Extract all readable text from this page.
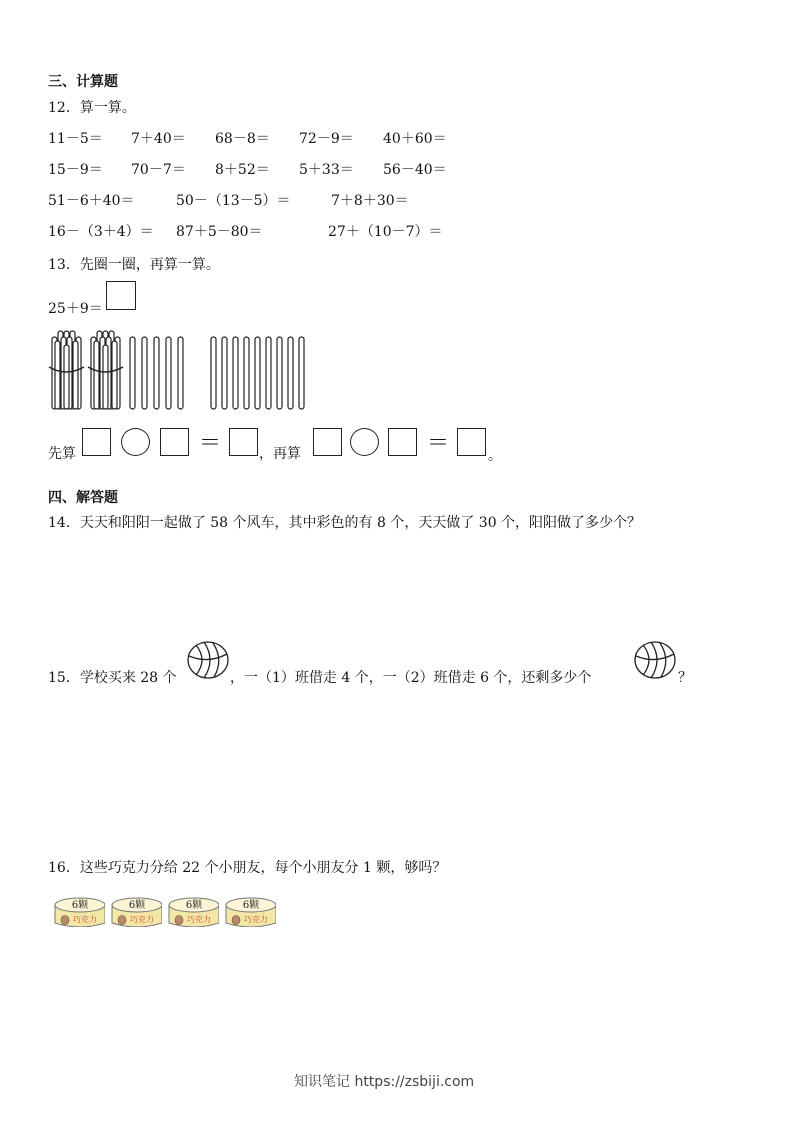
三、计算题
12．算一算。
11－5＝ 7＋40＝ 68－8＝ 72－9＝ 40＋60＝
15－9＝ 70－7＝ 8＋52＝ 5＋33＝ 56－40＝
51－6＋40＝	50－（13－5）＝	7＋8＋30＝
16－（3＋4）＝ 87＋5－80＝	27＋（10－7）＝
13．先圈一圈，再算一算。
25＋9＝
先算	＝	，再算	＝	。
四、解答题
14．天天和阳阳一起做了 58 个风车，其中彩色的有 8 个，天天做了 30 个，阳阳做了多少个？
15．学校买来 28 个	，一（1）班借走 4 个，一（2）班借走 6 个，还剩多少个	？
16．这些巧克力分给 22 个小朋友，每个小朋友分 1 颗，够吗？
6颗
巧克力
6颗
巧克力
6颗
巧克力
6颗
巧克力
知识笔记 https://zsbiji.com
